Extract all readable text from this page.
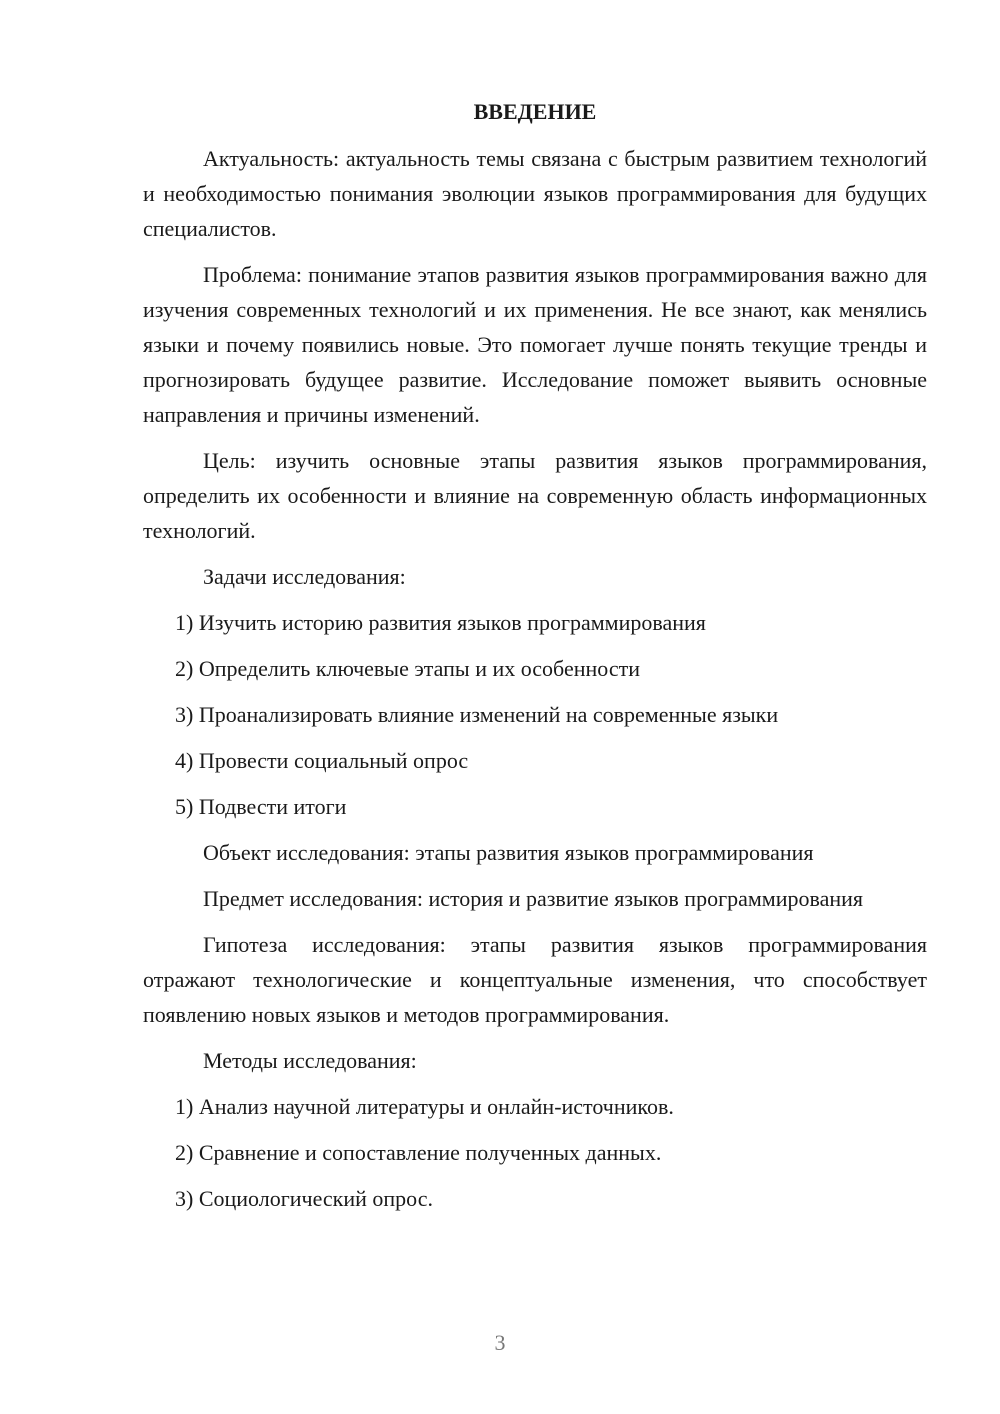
ВВЕДЕНИЕ

Актуальность: актуальность темы связана с быстрым развитием технологий и необходимостью понимания эволюции языков программирования для будущих специалистов.

Проблема: понимание этапов развития языков программирования важно для изучения современных технологий и их применения. Не все знают, как менялись языки и почему появились новые. Это помогает лучше понять текущие тренды и прогнозировать будущее развитие. Исследование поможет выявить основные направления и причины изменений.

Цель: изучить основные этапы развития языков программирования, определить их особенности и влияние на современную область информационных технологий.

Задачи исследования:

1) Изучить историю развития языков программирования

2) Определить ключевые этапы и их особенности

3) Проанализировать влияние изменений на современные языки

4) Провести социальный опрос

5) Подвести итоги

Объект исследования: этапы развития языков программирования

Предмет исследования: история и развитие языков программирования

Гипотеза исследования: этапы развития языков программирования отражают технологические и концептуальные изменения, что способствует появлению новых языков и методов программирования.

Методы исследования:

1) Анализ научной литературы и онлайн-источников.

2) Сравнение и сопоставление полученных данных.

3) Социологический опрос.

3
